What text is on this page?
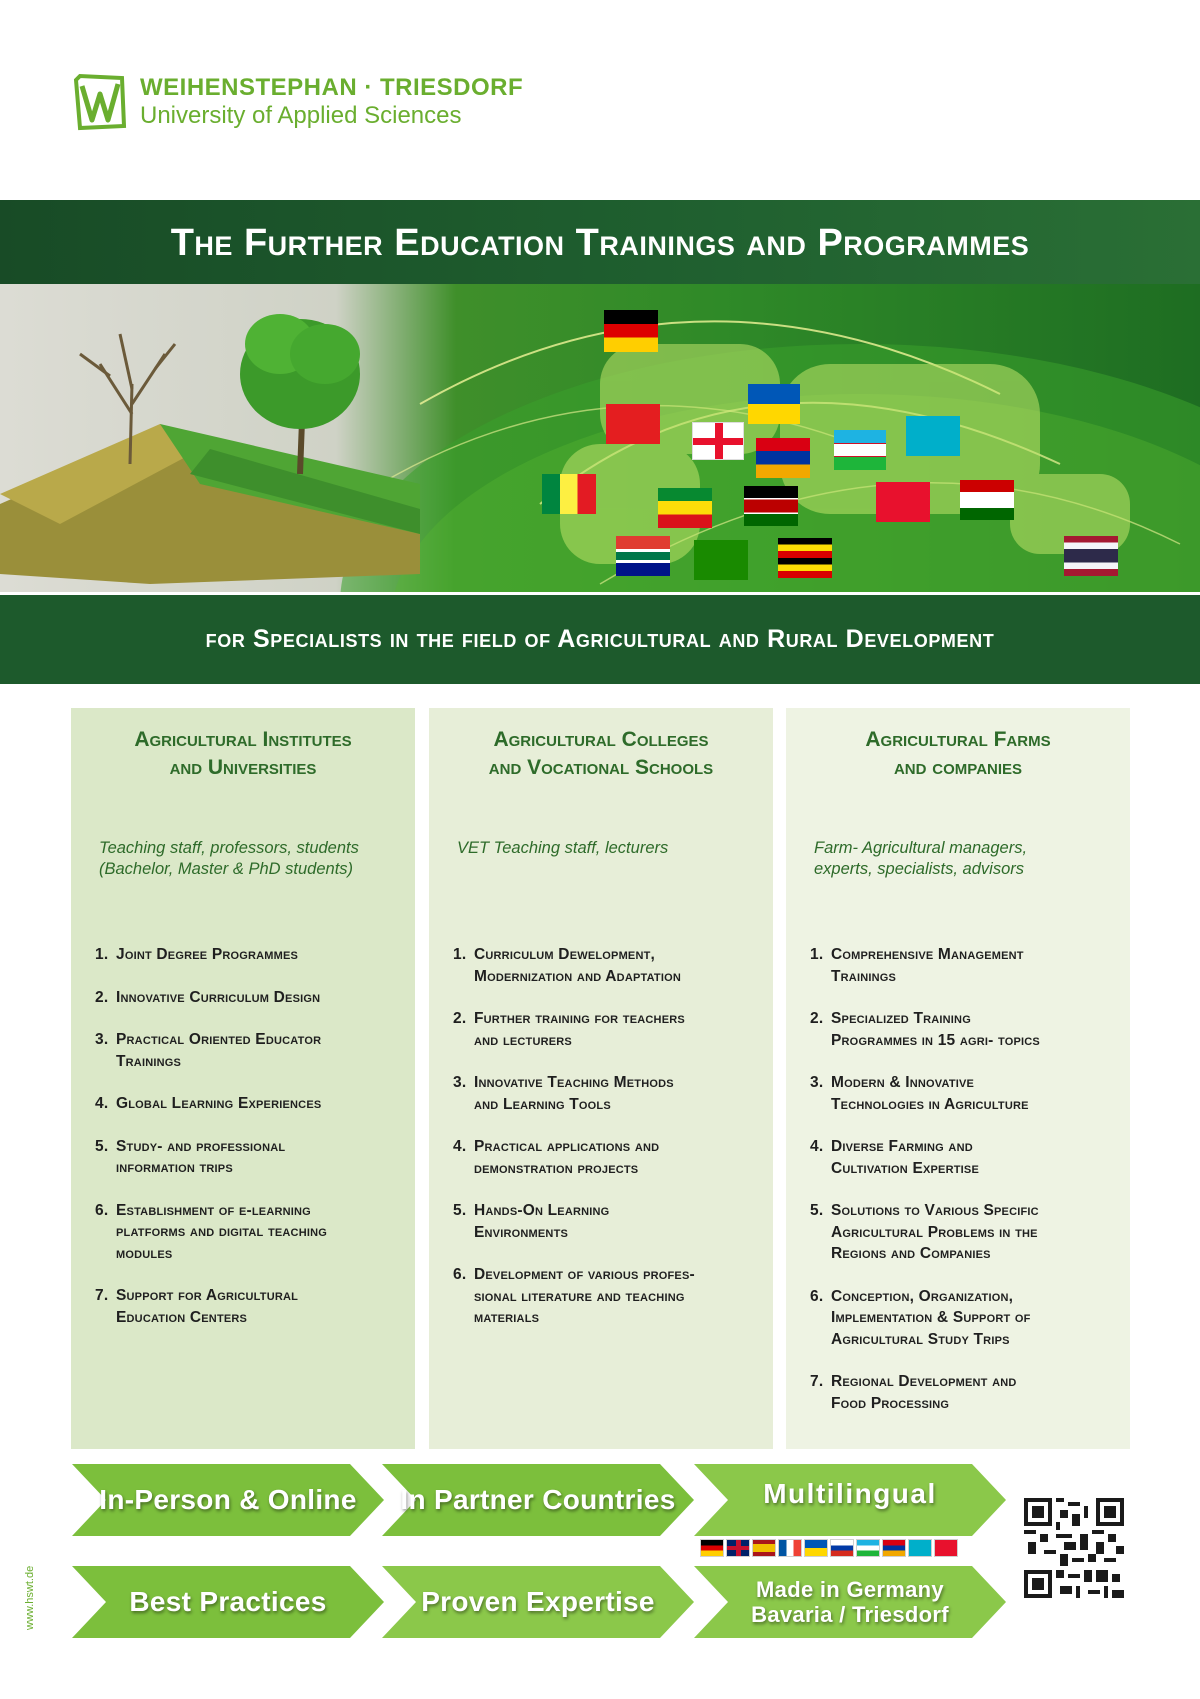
WEIHENSTEPHAN · TRIESDORF
University of Applied Sciences
The Further Education Trainings and Programmes
for Specialists in the field of Agricultural and Rural Development
Agricultural Institutes
and Universities
Teaching staff, professors, students
(Bachelor, Master & PhD students)
1. Joint Degree Programmes
2. Innovative Curriculum Design
3. Practical Oriented Educator
Trainings
4. Global Learning Experiences
5. Study- and professional
information trips
6. Establishment of e-learning
platforms and digital teaching
modules
7. Support for Agricultural
Education Centers
Agricultural Colleges
and Vocational Schools
VET Teaching staff, lecturers
1. Curriculum Dewelopment,
Modernization and Adaptation
2. Further training for teachers
and lecturers
3. Innovative Teaching Methods
and Learning Tools
4. Practical applications and
demonstration projects
5. Hands-On Learning
Environments
6. Development of various profes-
sional literature and teaching
materials
Agricultural Farms
and companies
Farm- Agricultural managers,
experts, specialists, advisors
1. Comprehensive Management
Trainings
2. Specialized Training
Programmes in 15 agri- topics
3. Modern & Innovative
Technologies in Agriculture
4. Diverse Farming and
Cultivation Expertise
5. Solutions to Various Specific
Agricultural Problems in the
Regions and Companies
6. Conception, Organization,
Implementation & Support of
Agricultural Study Trips
7. Regional Development and
Food Processing
In-Person & Online In Partner Countries	Multilingual
Best Practices	Proven Expertise	Made in Germany
Bavaria / Triesdorf
www.hswt.de
